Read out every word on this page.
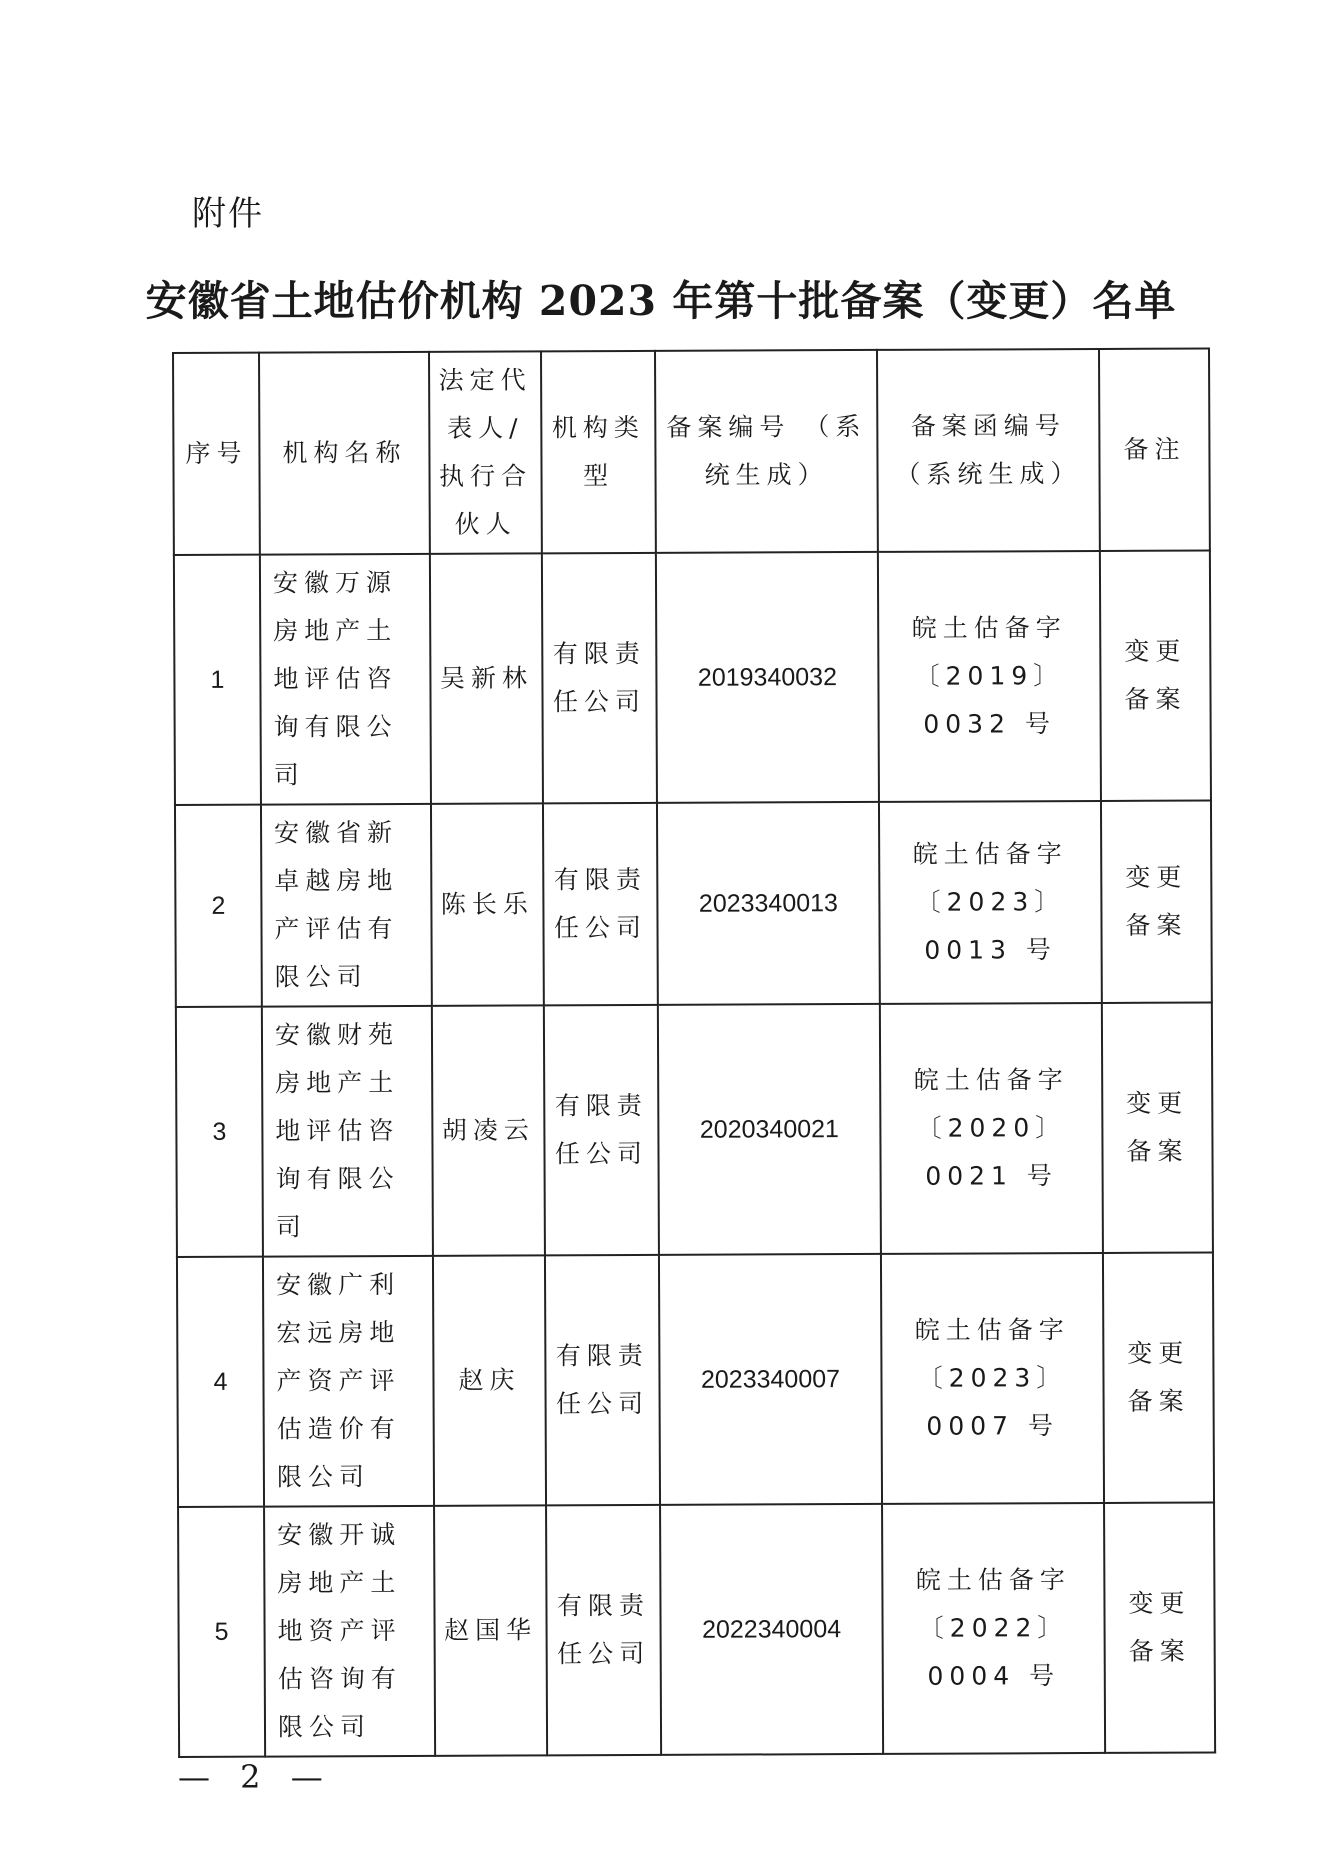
附件
安徽省土地估价机构 2023 年第十批备案（变更）名单
序号	机构名称	法定代表人/执行合伙人	机构类型	备案编号 （系统生成）	备案函编号（系统生成）	备注
1	安徽万源房地产土地评估咨询有限公司	吴新林	有限责任公司	2019340032	皖土估备字〔2019〕0032 号	变更备案
2	安徽省新卓越房地产评估有限公司	陈长乐	有限责任公司	2023340013	皖土估备字〔2023〕0013 号	变更备案
3	安徽财苑房地产土地评估咨询有限公司	胡凌云	有限责任公司	2020340021	皖土估备字〔2020〕0021 号	变更备案
4	安徽广利宏远房地产资产评估造价有限公司	赵庆	有限责任公司	2023340007	皖土估备字〔2023〕0007 号	变更备案
5	安徽开诚房地产土地资产评估咨询有限公司	赵国华	有限责任公司	2022340004	皖土估备字〔2022〕0004 号	变更备案
— 2 —
